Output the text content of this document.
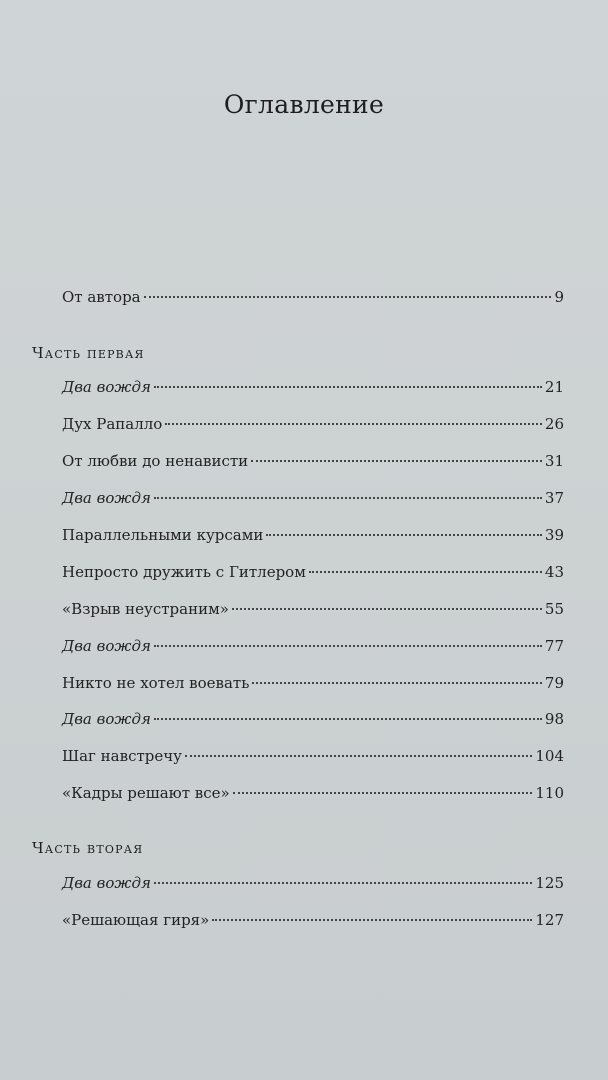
Оглавление
От автора	9
Часть первая
Два вождя	21
Дух Рапалло	26
От любви до ненависти	31
Два вождя	37
Параллельными курсами	39
Непросто дружить с Гитлером	43
«Взрыв неустраним»	55
Два вождя	77
Никто не хотел воевать	79
Два вождя	98
Шаг навстречу	104
«Кадры решают все»	110
Часть вторая
Два вождя	125
«Решающая гиря»	127
